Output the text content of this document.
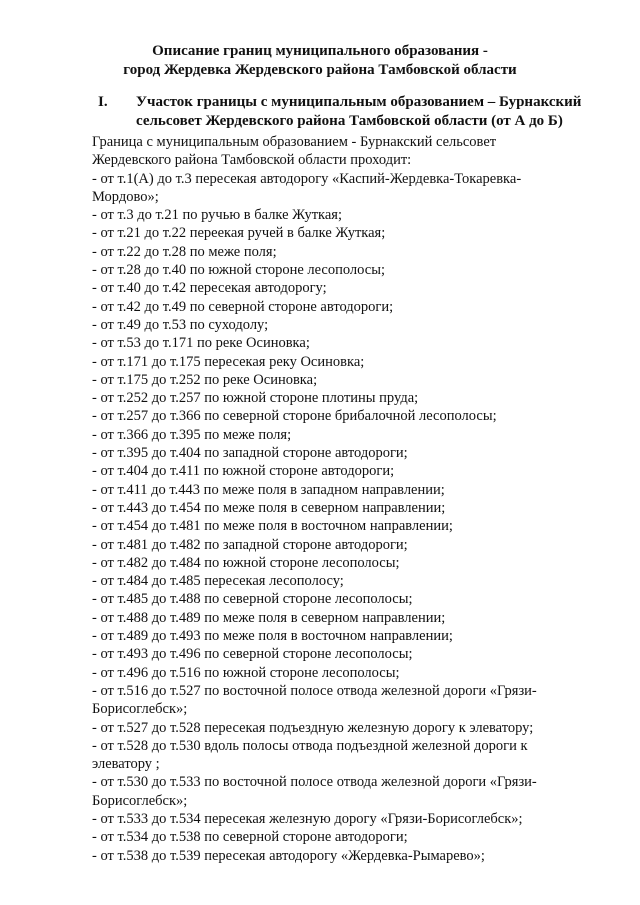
Описание границ муниципального образования -
город Жердевка Жердевского района Тамбовской области
I.	Участок границы с муниципальным образованием – Бурнакский
сельсовет Жердевского района Тамбовской области (от А до Б)
Граница с муниципальным образованием - Бурнакский сельсовет
Жердевского района Тамбовской области проходит:
- от т.1(А) до т.3 пересекая автодорогу «Каспий-Жердевка-Токаревка-
Мордово»;
- от т.3 до т.21 по ручью в балке Жуткая;
- от т.21 до т.22 переекая ручей в балке Жуткая;
- от т.22 до т.28 по меже поля;
- от т.28 до т.40 по южной стороне лесополосы;
- от т.40 до т.42 пересекая автодорогу;
- от т.42 до т.49 по северной стороне автодороги;
- от т.49 до т.53 по суходолу;
- от т.53 до т.171 по реке Осиновка;
- от т.171 до т.175 пересекая реку Осиновка;
- от т.175 до т.252 по реке Осиновка;
- от т.252 до т.257 по южной стороне плотины пруда;
- от т.257 до т.366 по северной стороне брибалочной лесополосы;
- от т.366 до т.395 по меже поля;
- от т.395 до т.404 по западной стороне автодороги;
- от т.404 до т.411 по южной стороне автодороги;
- от т.411 до т.443 по меже поля в западном направлении;
- от т.443 до т.454 по меже поля в северном направлении;
- от т.454 до т.481 по меже поля в восточном направлении;
- от т.481 до т.482 по западной стороне автодороги;
- от т.482 до т.484 по южной стороне лесополосы;
- от т.484 до т.485 пересекая лесополосу;
- от т.485 до т.488 по северной стороне лесополосы;
- от т.488 до т.489 по меже поля в северном направлении;
- от т.489 до т.493 по меже поля в восточном направлении;
- от т.493 до т.496 по северной стороне лесополосы;
- от т.496 до т.516 по южной стороне лесополосы;
- от т.516 до т.527 по восточной полосе отвода железной дороги «Грязи-
Борисоглебск»;
- от т.527 до т.528 пересекая подъездную железную дорогу к элеватору;
- от т.528 до т.530 вдоль полосы отвода подъездной железной дороги к
элеватору ;
- от т.530 до т.533 по восточной полосе отвода железной дороги «Грязи-
Борисоглебск»;
- от т.533 до т.534 пересекая железную дорогу «Грязи-Борисоглебск»;
- от т.534 до т.538 по северной стороне автодороги;
- от т.538 до т.539 пересекая автодорогу «Жердевка-Рымарево»;
